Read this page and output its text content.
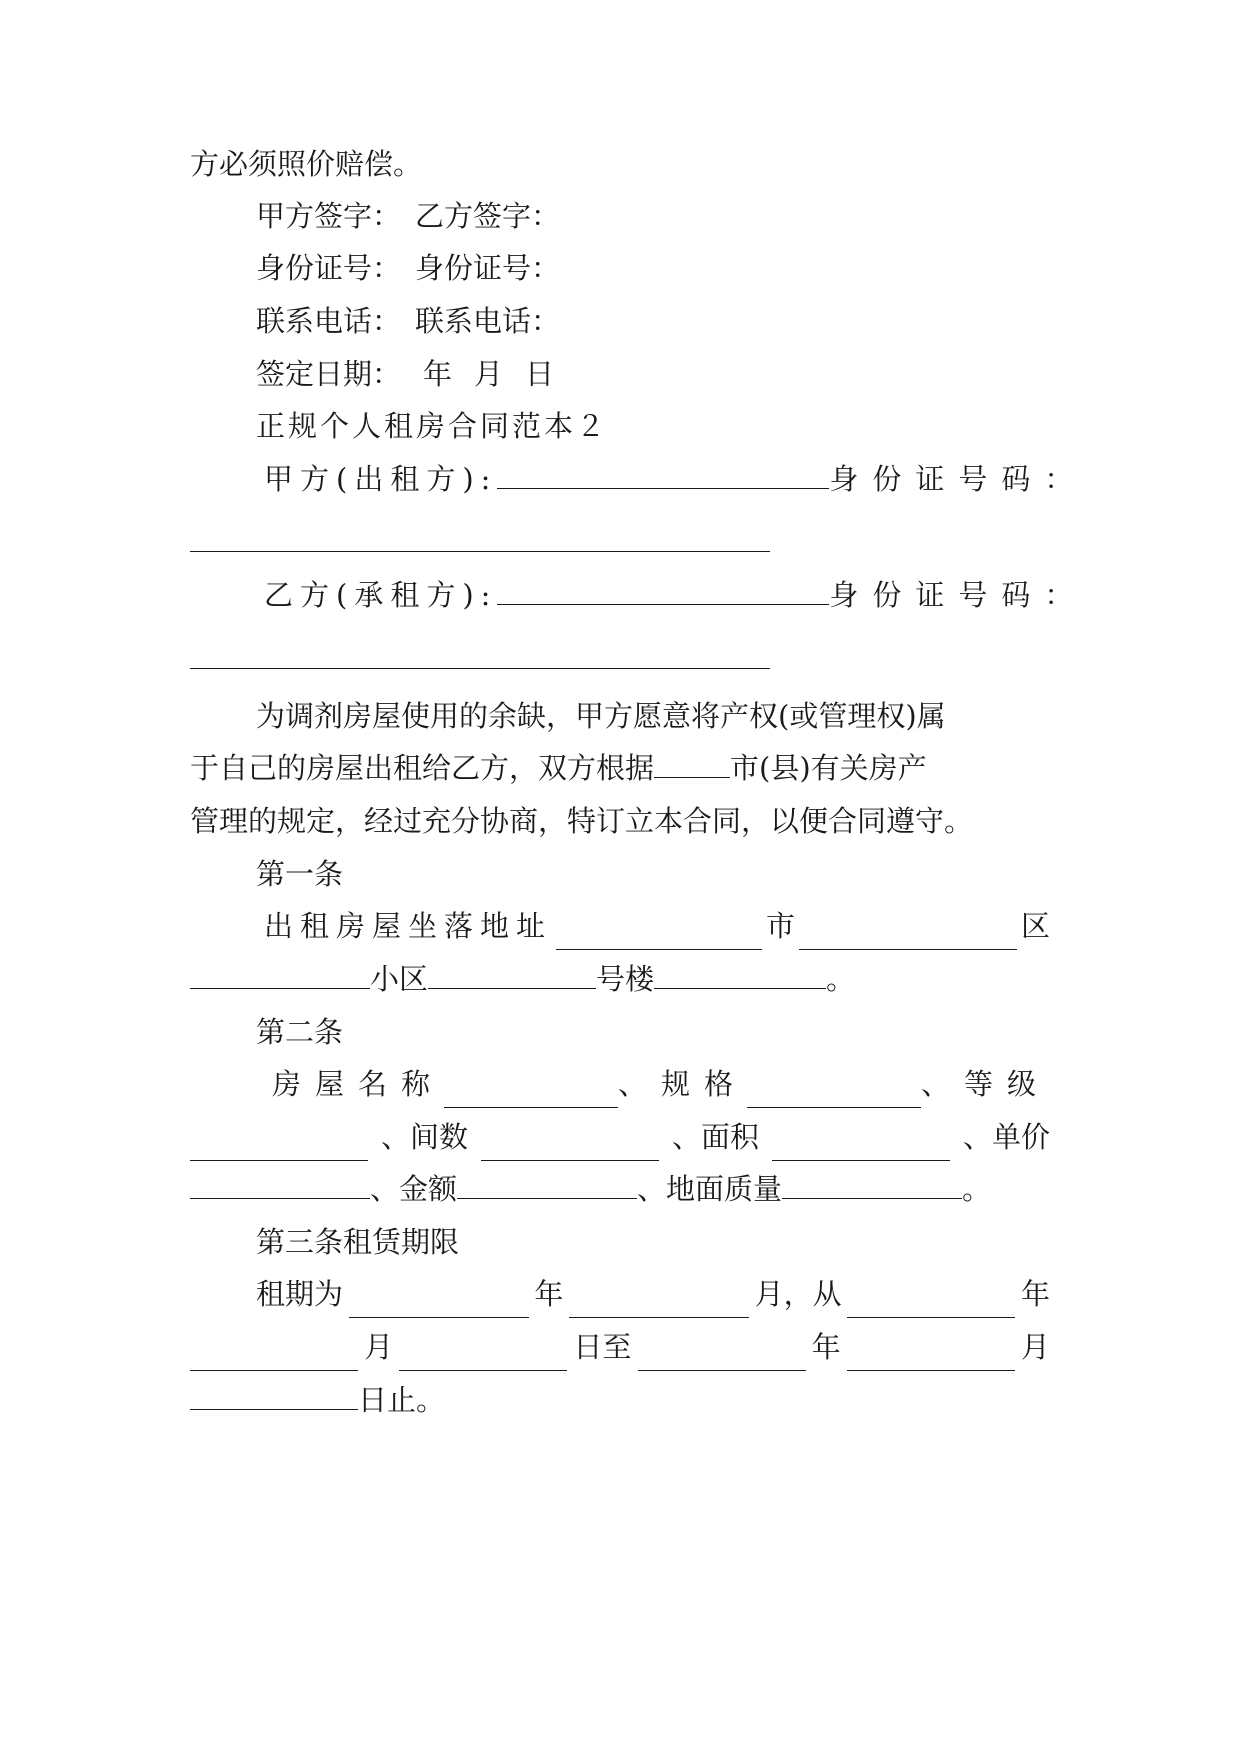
方必须照价赔偿。
甲方签字： 乙方签字：
身份证号： 身份证号：
联系电话： 联系电话：
签定日期： 年 月 日
正规个人租房合同范本２
甲方(出租方):	身份证号码：
乙方(承租方):	身份证号码：
为调剂房屋使用的余缺，甲方愿意将产权(或管理权)属
于自己的房屋出租给乙方，双方根据	市(县)有关房产
管理的规定，经过充分协商，特订立本合同，以便合同遵守。
第一条
出租房屋坐落地址	市	区
小区	号楼	。
第二条
房屋名称	、规格	、等级
、间数	、面积	、单价
、金额	、地面质量	。
第三条租赁期限
租期为	年	月，从	年
月	日至	年	月
日止。
